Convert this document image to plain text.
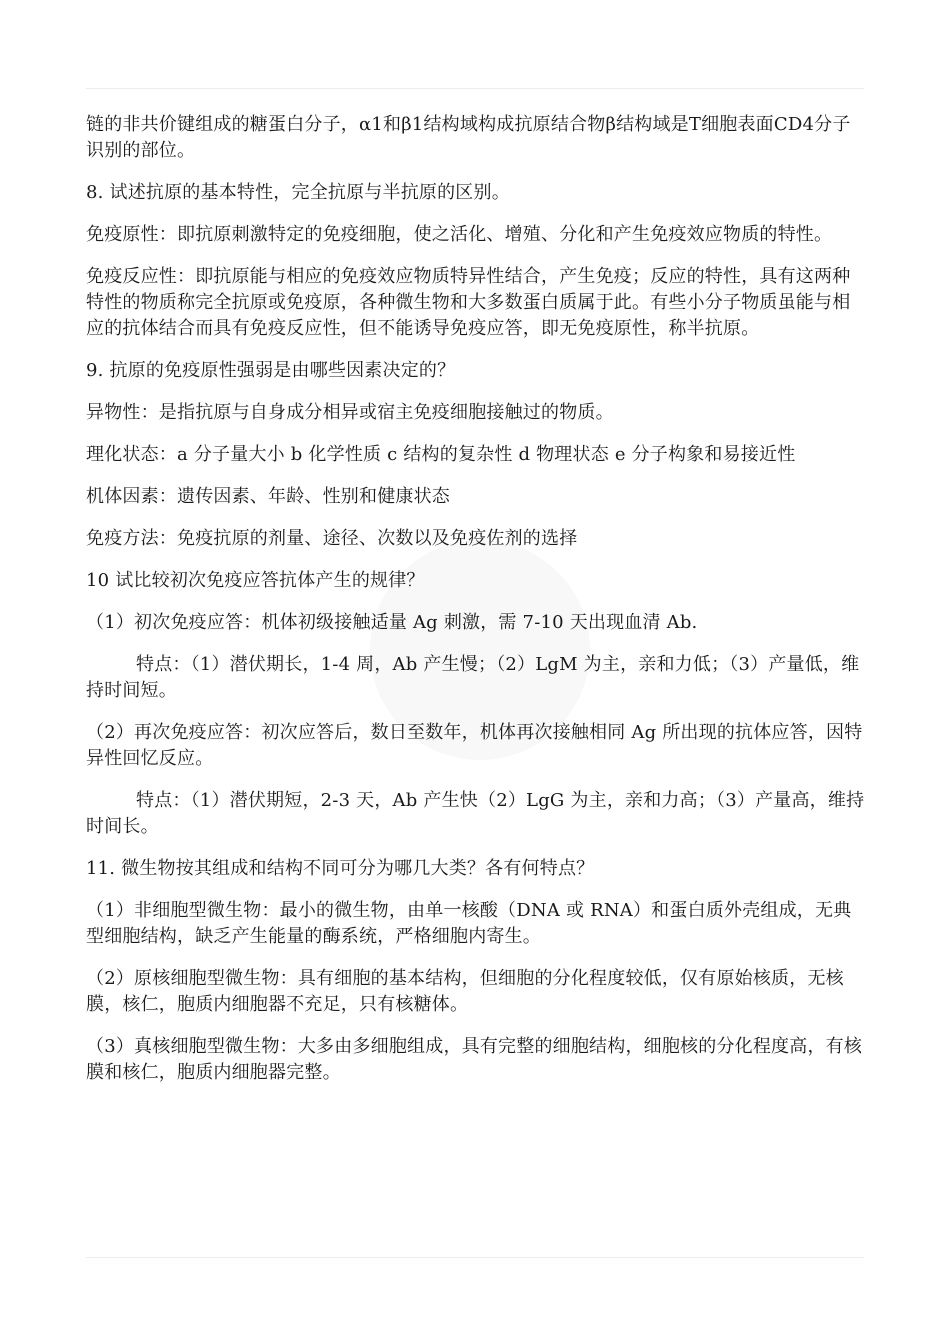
链的非共价键组成的糖蛋白分子，α1和β1结构域构成抗原结合物β结构域是T细胞表面CD4分子识别的部位。

8. 试述抗原的基本特性，完全抗原与半抗原的区别。

免疫原性：即抗原刺激特定的免疫细胞，使之活化、增殖、分化和产生免疫效应物质的特性。

免疫反应性：即抗原能与相应的免疫效应物质特异性结合，产生免疫；反应的特性，具有这两种特性的物质称完全抗原或免疫原，各种微生物和大多数蛋白质属于此。有些小分子物质虽能与相应的抗体结合而具有免疫反应性，但不能诱导免疫应答，即无免疫原性，称半抗原。

9. 抗原的免疫原性强弱是由哪些因素决定的？

异物性：是指抗原与自身成分相异或宿主免疫细胞接触过的物质。

理化状态：a 分子量大小 b 化学性质 c 结构的复杂性 d 物理状态 e 分子构象和易接近性

机体因素：遗传因素、年龄、性别和健康状态

免疫方法：免疫抗原的剂量、途径、次数以及免疫佐剂的选择

10 试比较初次免疫应答抗体产生的规律？

（1）初次免疫应答：机体初级接触适量 Ag 刺激，需 7-10 天出现血清 Ab.

特点：（1）潜伏期长，1-4 周，Ab 产生慢；（2）LgM 为主，亲和力低；（3）产量低，维持时间短。

（2）再次免疫应答：初次应答后，数日至数年，机体再次接触相同 Ag 所出现的抗体应答，因特异性回忆反应。

特点：（1）潜伏期短，2-3 天，Ab 产生快（2）LgG 为主，亲和力高；（3）产量高，维持时间长。

11. 微生物按其组成和结构不同可分为哪几大类？各有何特点？

（1）非细胞型微生物：最小的微生物，由单一核酸（DNA 或 RNA）和蛋白质外壳组成，无典型细胞结构，缺乏产生能量的酶系统，严格细胞内寄生。

（2）原核细胞型微生物：具有细胞的基本结构，但细胞的分化程度较低，仅有原始核质，无核膜，核仁，胞质内细胞器不充足，只有核糖体。

（3）真核细胞型微生物：大多由多细胞组成，具有完整的细胞结构，细胞核的分化程度高，有核膜和核仁，胞质内细胞器完整。
